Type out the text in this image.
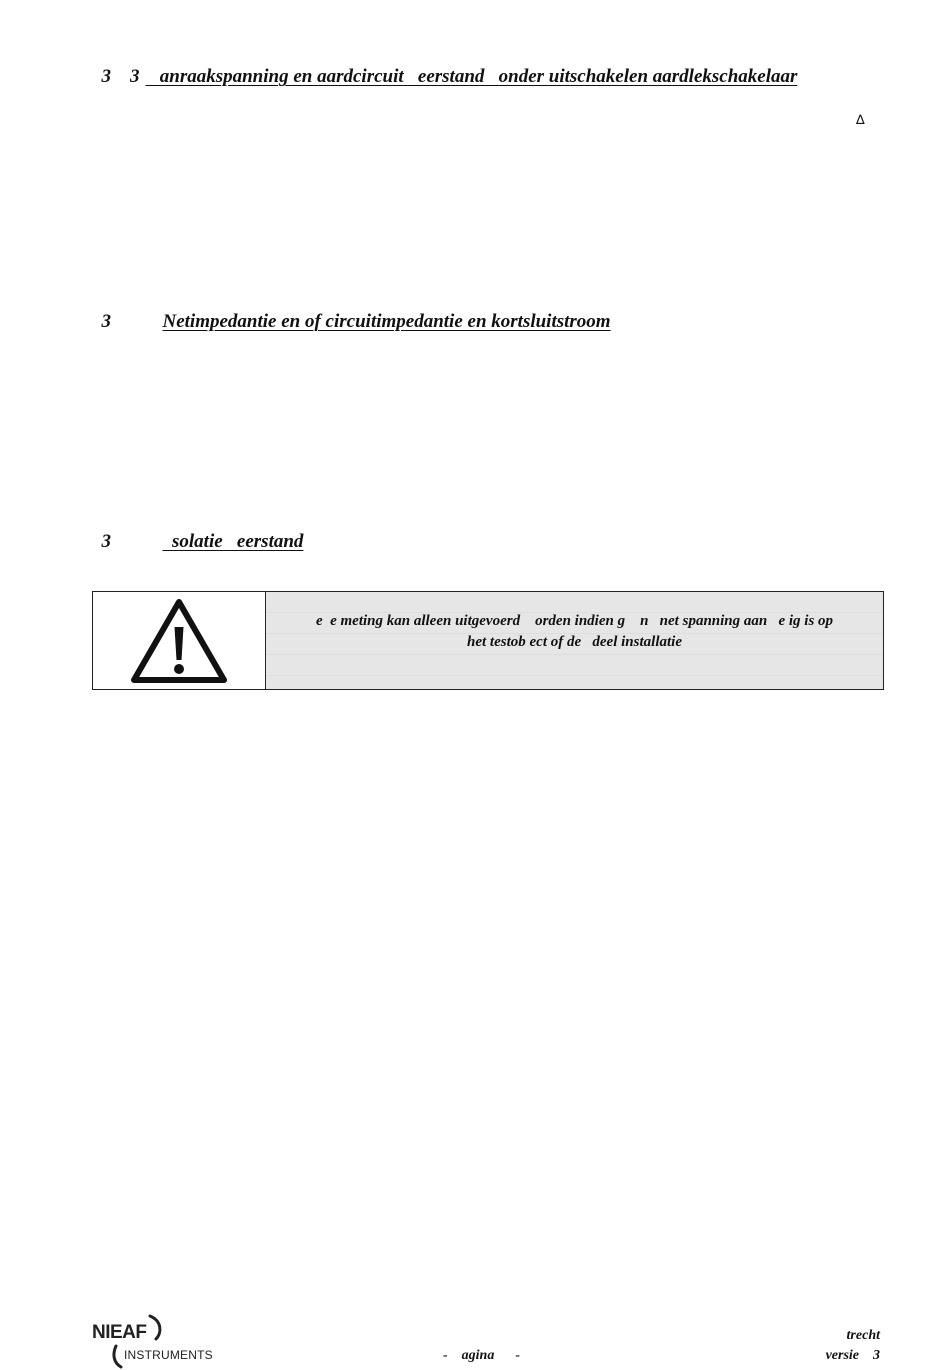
3    3   anraakspanning en aardcircuit   eerstand   onder uitschakelen aardlekschakelaar

∆

3	Netimpedantie en of circuitimpedantie en kortsluitstroom

3	solatie   eerstand

e  e meting kan alleen uitgevoerd    orden indien g    n   net spanning aan   e ig is op
het testob ect of de   deel installatie
NIEAF
INSTRUMENTS	-    agina      -
trecht
versie    3
